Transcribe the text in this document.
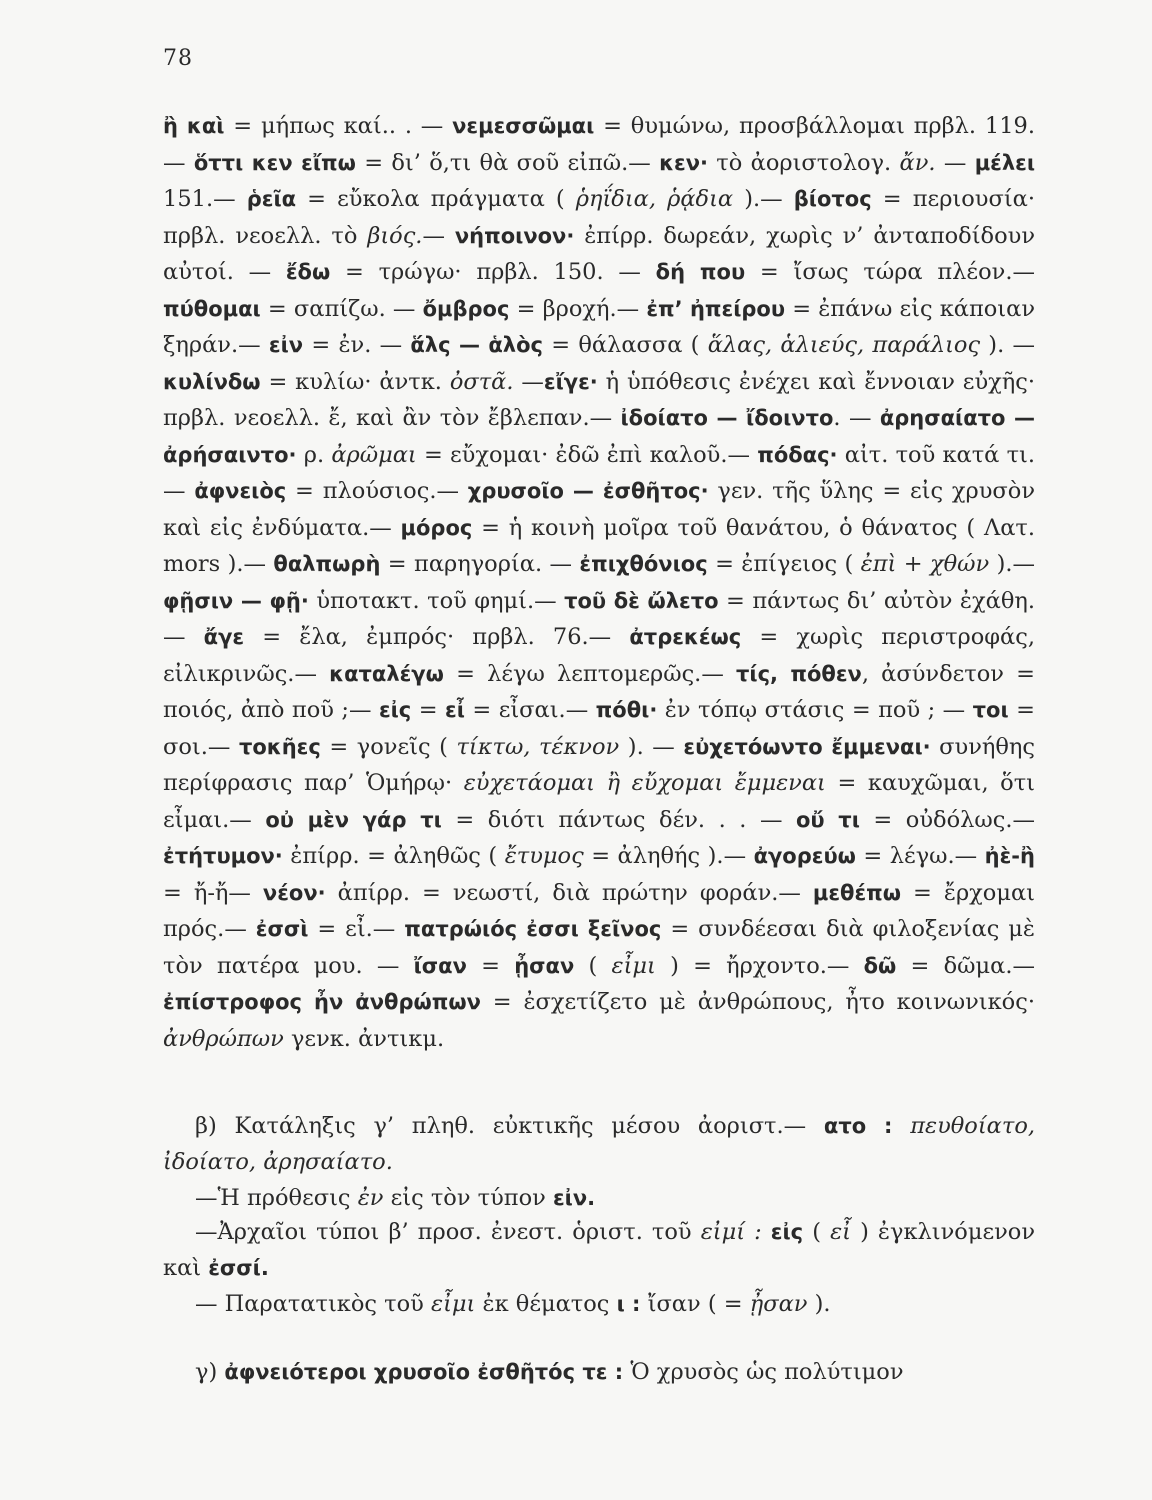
78
ἢ καὶ = μήπως καί.. . — νεμεσσῶμαι = θυμώνω, προσβάλλομαι πρβλ. 119.— ὅττι κεν εἴπω = δι’ ὅ,τι θὰ σοῦ εἰπῶ.— κεν· τὸ ἀοριστολογ. ἄν. — μέλει 151.— ῥεῖα = εὔκολα πράγματα ( ῥηΐδια, ῥᾴδια ).— βίοτος = περιουσία· πρβλ. νεοελλ. τὸ βιός.— νήποινον· ἐπίρρ. δωρεάν, χωρὶς ν’ ἀνταποδίδουν αὐτοί. — ἔδω = τρώγω· πρβλ. 150. — δή που = ἴσως τώρα πλέον.— πύθομαι = σαπίζω. — ὄμβρος = βροχή.— ἐπ’ ἠπείρου = ἐπάνω εἰς κάποιαν ξηράν.— εἰν = ἐν. — ἅλς — ἁλὸς = θάλασσα ( ἅλας, ἁλιεύς, παράλιος ). — κυλίνδω = κυλίω· ἀντκ. ὀστᾶ. —εἴγε· ἡ ὑπόθεσις ἐνέχει καὶ ἔννοιαν εὐχῆς· πρβλ. νεοελλ. ἔ, καὶ ἂν τὸν ἔβλεπαν.— ἰδοίατο — ἴδοιντο. — ἀρησαίατο — ἀρήσαιντο· ρ. ἀρῶμαι = εὔχομαι· ἐδῶ ἐπὶ καλοῦ.— πόδας· αἰτ. τοῦ κατά τι.— ἀφνειὸς = πλούσιος.— χρυσοῖο — ἐσθῆτος· γεν. τῆς ὕλης = εἰς χρυσὸν καὶ εἰς ἐνδύματα.— μόρος = ἡ κοινὴ μοῖρα τοῦ θανάτου, ὁ θάνατος ( Λατ. mors ).— θαλπωρὴ = παρηγορία. — ἐπιχθόνιος = ἐπίγειος ( ἐπὶ + χθών ).— φῇσιν — φῇ· ὑποτακτ. τοῦ φημί.— τοῦ δὲ ὤλετο = πάντως δι’ αὐτὸν ἐχάθη.— ἄγε = ἔλα, ἐμπρός· πρβλ. 76.— ἀτρεκέως = χωρὶς περιστροφάς, εἰλικρινῶς.— καταλέγω = λέγω λεπτομερῶς.— τίς, πόθεν, ἀσύνδετον = ποιός, ἀπὸ ποῦ ;— εἰς = εἶ = εἶσαι.— πόθι· ἐν τόπῳ στάσις = ποῦ ; — τοι = σοι.— τοκῆες = γονεῖς ( τίκτω, τέκνον ). — εὐχετόωντο ἔμμεναι· συνήθης περίφρασις παρ’ Ὁμήρῳ· εὐχετάομαι ἢ εὔχομαι ἔμμεναι = καυχῶμαι, ὅτι εἶμαι.— οὐ μὲν γάρ τι = διότι πάντως δέν. . . — οὔ τι = οὐδόλως.— ἐτήτυμον· ἐπίρρ. = ἀληθῶς ( ἔτυμος = ἀληθής ).— ἀγορεύω = λέγω.— ἠὲ-ἢ = ἤ-ἤ— νέον· ἀπίρρ. = νεωστί, διὰ πρώτην φοράν.— μεθέπω = ἔρχομαι πρός.— ἐσσὶ = εἶ.— πατρώιός ἐσσι ξεῖνος = συνδέεσαι διὰ φιλοξενίας μὲ τὸν πατέρα μου. — ἴσαν = ᾖσαν ( εἶμι ) = ἤρχοντο.— δῶ = δῶμα.— ἐπίστροφος ἦν ἀνθρώπων = ἐσχετίζετο μὲ ἀνθρώπους, ἦτο κοινωνικός· ἀνθρώπων γενκ. ἀντικμ.
β) Κατάληξις γ’ πληθ. εὐκτικῆς μέσου ἀοριστ.— ατο : πευθοίατο, ἰδοίατο, ἀρησαίατο.
—Ἡ πρόθεσις ἐν εἰς τὸν τύπον εἰν.
—Ἀρχαῖοι τύποι β’ προσ. ἐνεστ. ὁριστ. τοῦ εἰμί : εἰς ( εἶ ) ἐγκλινόμενον καὶ ἐσσί.
— Παρατατικὸς τοῦ εἶμι ἐκ θέματος ι : ἴσαν ( = ᾖσαν ).
γ) ἀφνειότεροι χρυσοῖο ἐσθῆτός τε : Ὁ χρυσὸς ὡς πολύτιμον
